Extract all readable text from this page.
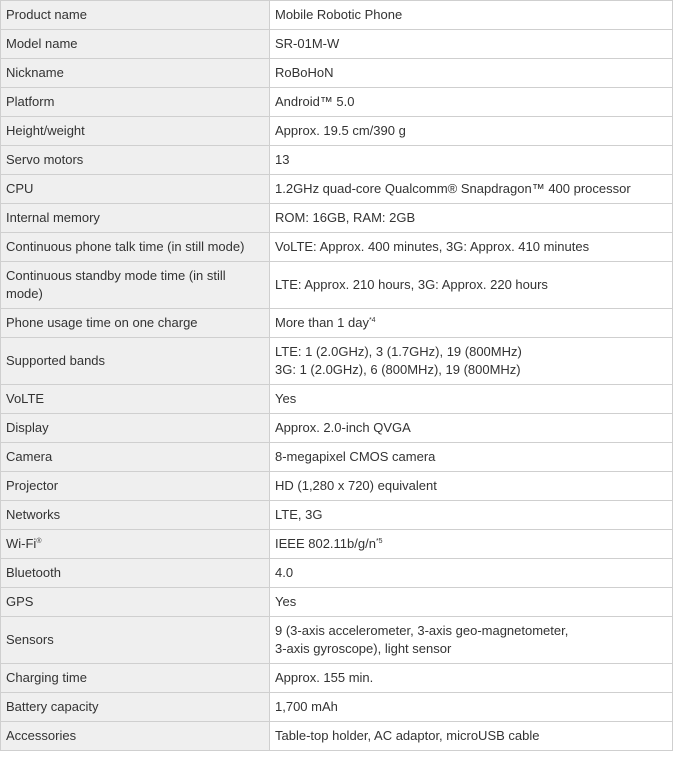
Product name	Mobile Robotic Phone
Model name	SR-01M-W
Nickname	RoBoHoN
Platform	Android™ 5.0
Height/weight	Approx. 19.5 cm/390 g
Servo motors	13
CPU	1.2GHz quad-core Qualcomm® Snapdragon™ 400 processor
Internal memory	ROM: 16GB, RAM: 2GB
Continuous phone talk time (in still mode)	VoLTE: Approx. 400 minutes, 3G: Approx. 410 minutes
Continuous standby mode time (in still mode)	LTE: Approx. 210 hours, 3G: Approx. 220 hours
Phone usage time on one charge	More than 1 day$^{*4}$
Supported bands	LTE: 1 (2.0GHz), 3 (1.7GHz), 19 (800MHz)
3G: 1 (2.0GHz), 6 (800MHz), 19 (800MHz)

VoLTE	Yes
Display	Approx. 2.0-inch QVGA
Camera	8-megapixel CMOS camera
Projector	HD (1,280 x 720) equivalent
Networks	LTE, 3G
Wi-Fi®	IEEE $802.11b/g/n^{*5}$
Bluetooth	4.0
GPS	Yes
Sensors	9 (3-axis accelerometer, 3-axis geo-magnetometer,
3-axis gyroscope), light sensor

Charging time	Approx. 155 min.
Battery capacity	1,700 mAh
Accessories	Table-top holder, AC adaptor, microUSB cable
